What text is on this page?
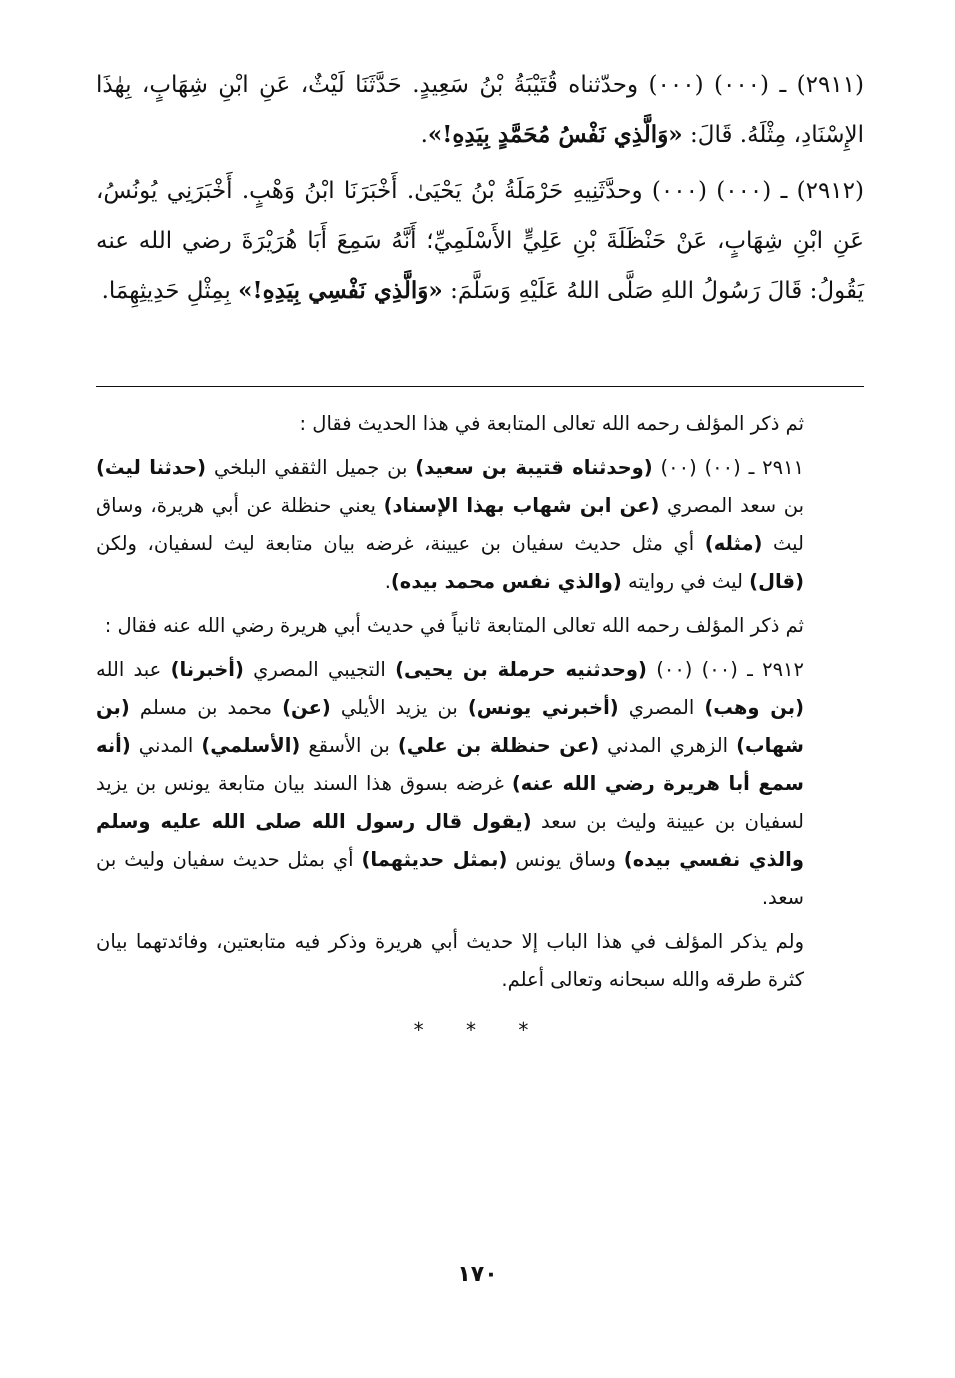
(٢٩١١) ـ (٠٠٠) (٠٠٠) وحدّثناه قُتَيْبَةُ بْنُ سَعِيدٍ. حَدَّثَنَا لَيْثٌ، عَنِ ابْنِ شِهَابٍ، بِهٰذَا الإِسْنَادِ، مِثْلَهُ. قَالَ: «وَالَّذِي نَفْسُ مُحَمَّدٍ بِيَدِهِ!».

(٢٩١٢) ـ (٠٠٠) (٠٠٠) وحدَّثَنِيهِ حَرْمَلَةُ بْنُ يَحْيَىٰ. أَخْبَرَنَا ابْنُ وَهْبٍ. أَخْبَرَنِي يُونُسُ، عَنِ ابْنِ شِهَابٍ، عَنْ حَنْظَلَةَ بْنِ عَلِيٍّ الأَسْلَمِيِّ؛ أَنَّهُ سَمِعَ أَبَا هُرَيْرَةَ رضي الله عنه يَقُولُ: قَالَ رَسُولُ اللهِ صَلَّى اللهُ عَلَيْهِ وَسَلَّمَ: «وَالَّذِي نَفْسِي بِيَدِهِ!» بِمِثْلِ حَدِيثِهِمَا.

ثم ذكر المؤلف رحمه الله تعالى المتابعة في هذا الحديث فقال :

٢٩١١ ـ (٠٠) (٠٠) (وحدثناه قتيبة بن سعيد) بن جميل الثقفي البلخي (حدثنا ليث) بن سعد المصري (عن ابن شهاب بهذا الإسناد) يعني حنظلة عن أبي هريرة، وساق ليث (مثله) أي مثل حديث سفيان بن عيينة، غرضه بيان متابعة ليث لسفيان، ولكن (قال) ليث في روايته (والذي نفس محمد بيده).

ثم ذكر المؤلف رحمه الله تعالى المتابعة ثانياً في حديث أبي هريرة رضي الله عنه فقال :

٢٩١٢ ـ (٠٠) (٠٠) (وحدثنيه حرملة بن يحيى) التجيبي المصري (أخبرنا) عبد الله (بن وهب) المصري (أخبرني يونس) بن يزيد الأيلي (عن) محمد بن مسلم (بن شهاب) الزهري المدني (عن حنظلة بن علي) بن الأسقع (الأسلمي) المدني (أنه سمع أبا هريرة رضي الله عنه) غرضه بسوق هذا السند بيان متابعة يونس بن يزيد لسفيان بن عيينة وليث بن سعد (يقول قال رسول الله صلى الله عليه وسلم والذي نفسي بيده) وساق يونس (بمثل حديثهما) أي بمثل حديث سفيان وليث بن سعد.

ولم يذكر المؤلف في هذا الباب إلا حديث أبي هريرة وذكر فيه متابعتين، وفائدتهما بيان كثرة طرقه والله سبحانه وتعالى أعلم.

* * *
١٧٠
